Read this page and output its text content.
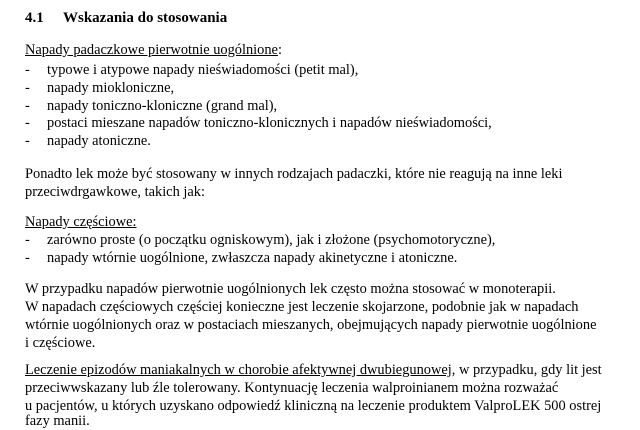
4.1 Wskazania do stosowania
Napady padaczkowe pierwotnie uogólnione:
- typowe i atypowe napady nieświadomości (petit mal),
- napady miokloniczne,
- napady toniczno-kloniczne (grand mal),
- postaci mieszane napadów toniczno-klonicznych i napadów nieświadomości,
- napady atoniczne.
Ponadto lek może być stosowany w innych rodzajach padaczki, które nie reagują na inne leki
przeciwdrgawkowe, takich jak:
Napady częściowe:
- zarówno proste (o początku ogniskowym), jak i złożone (psychomotoryczne),
- napady wtórnie uogólnione, zwłaszcza napady akinetyczne i atoniczne.
W przypadku napadów pierwotnie uogólnionych lek często można stosować w monoterapii.
W napadach częściowych częściej konieczne jest leczenie skojarzone, podobnie jak w napadach
wtórnie uogólnionych oraz w postaciach mieszanych, obejmujących napady pierwotnie uogólnione
i częściowe.
Leczenie epizodów maniakalnych w chorobie afektywnej dwubiegunowej, w przypadku, gdy lit jest
przeciwwskazany lub źle tolerowany. Kontynuację leczenia walproinianem można rozważać
u pacjentów, u których uzyskano odpowiedź kliniczną na leczenie produktem ValproLEK 500 ostrej
fazy manii.
